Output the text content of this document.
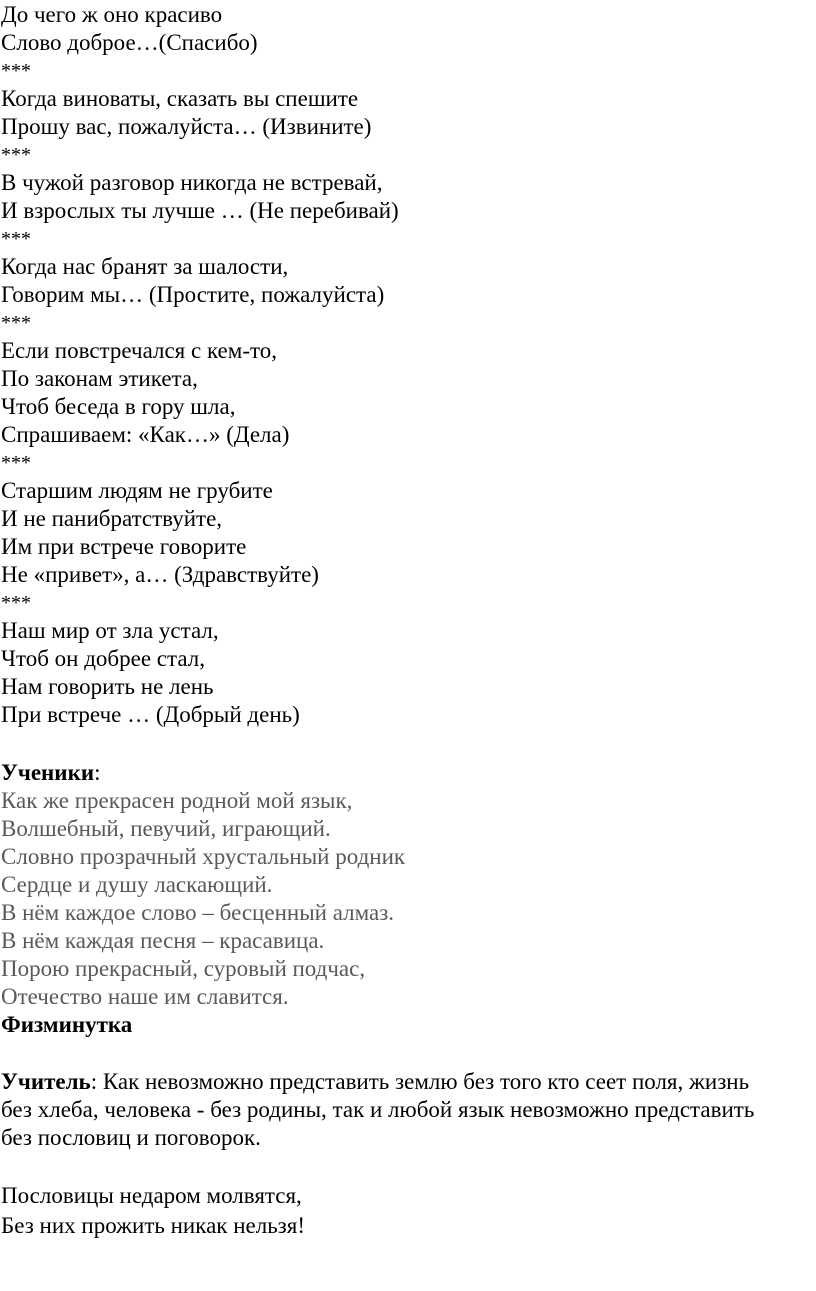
До чего ж оно красиво
Слово доброе…(Спасибо)
***
Когда виноваты, сказать вы спешите
Прошу вас, пожалуйста… (Извините)
***
В чужой разговор никогда не встревай,
И взрослых ты лучше … (Не перебивай)
***
Когда нас бранят за шалости,
Говорим мы… (Простите, пожалуйста)
***
Если повстречался с кем-то,
По законам этикета,
Чтоб беседа в гору шла,
Спрашиваем: «Как…» (Дела)
***
Старшим людям не грубите
И не панибратствуйте,
Им при встрече говорите
Не «привет», а… (Здравствуйте)
***
Наш мир от зла устал,
Чтоб он добрее стал,
Нам говорить не лень
При встрече … (Добрый день)
Ученики:
Как же прекрасен родной мой язык,
Волшебный, певучий, играющий.
Словно прозрачный хрустальный родник
Сердце и душу ласкающий.
В нём каждое слово – бесценный алмаз.
В нём каждая песня – красавица.
Порою прекрасный, суровый подчас,
Отечество наше им славится.
Физминутка
Учитель: Как невозможно представить землю без того кто сеет поля, жизнь
без хлеба, человека - без родины, так и любой язык невозможно представить
без пословиц и поговорок.
Пословицы недаром молвятся,
Без них прожить никак нельзя!
